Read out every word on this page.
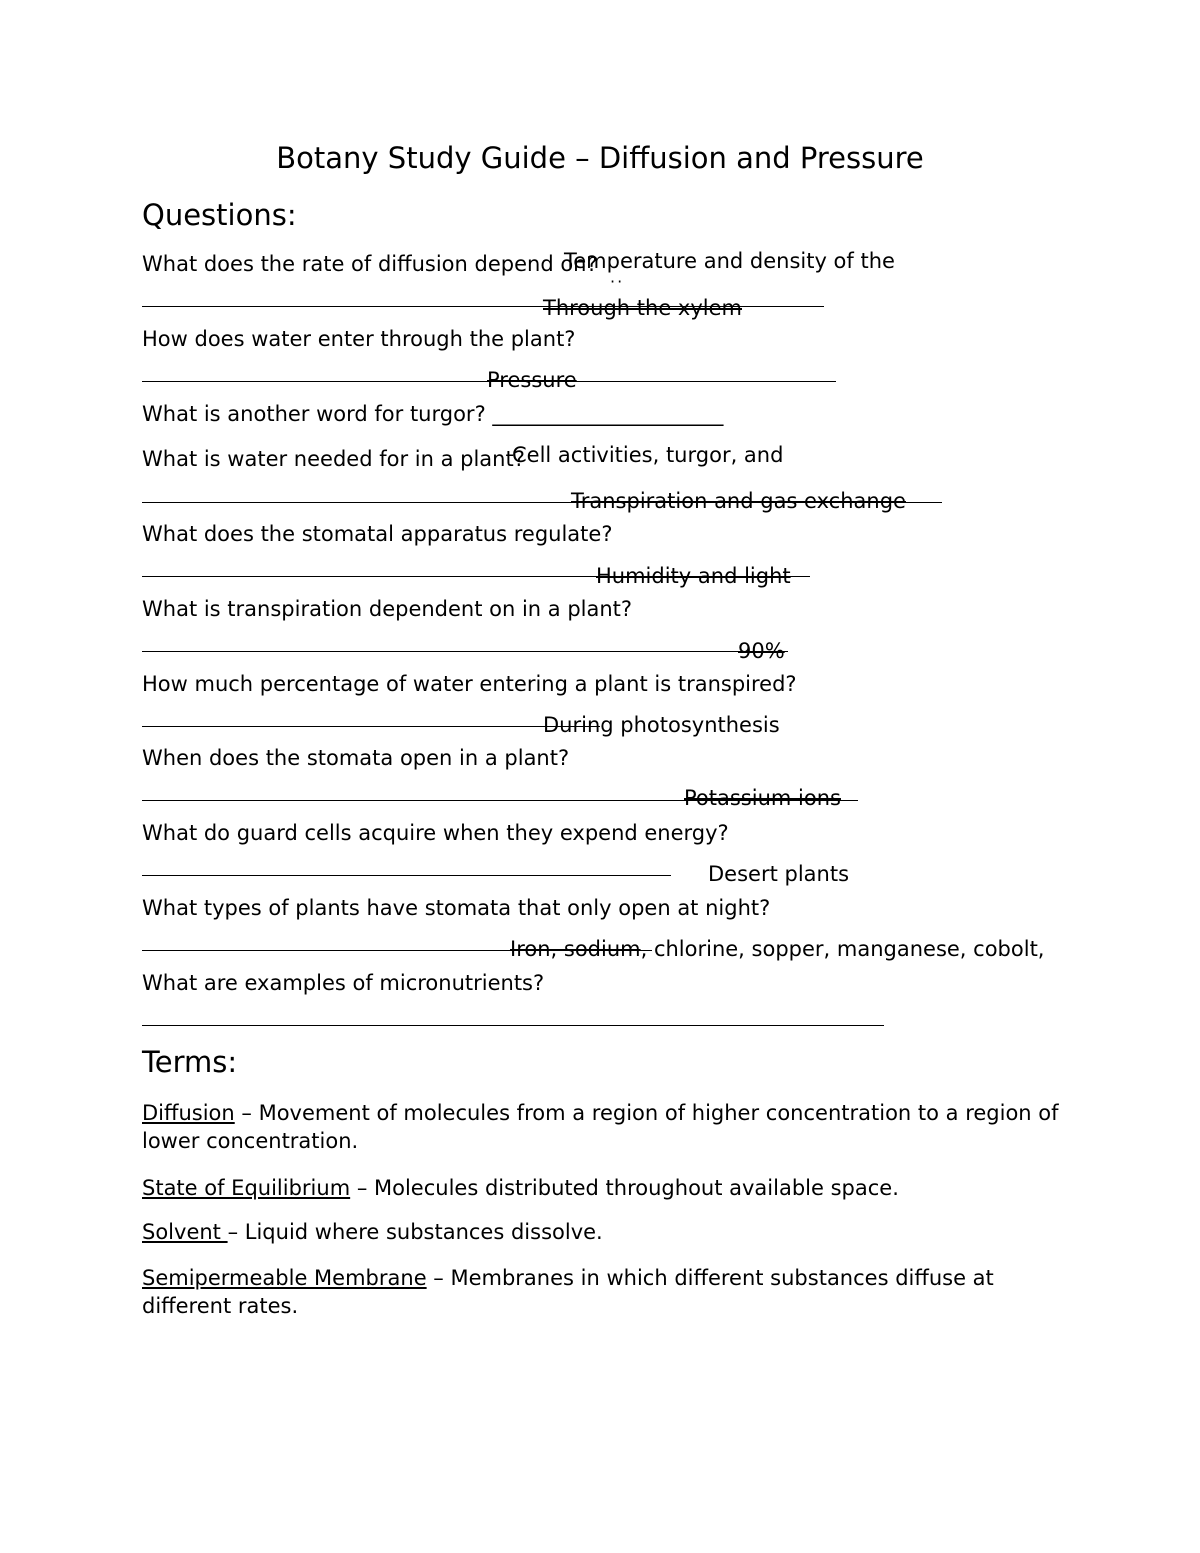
Botany Study Guide – Diffusion and Pressure
Questions:
What does the rate of diffusion depend on?
Temperature and density of the
··
Through the xylem
How does water enter through the plant?
Pressure
What is another word for turgor? ______________________
Cell activities, turgor, and
What is water needed for in a plant?
Transpiration and gas exchange
What does the stomatal apparatus regulate?
Humidity and light
What is transpiration dependent on in a plant?
90%
How much percentage of water entering a plant is transpired?
During photosynthesis
When does the stomata open in a plant?
Potassium ions
What do guard cells acquire when they expend energy?
Desert plants
What types of plants have stomata that only open at night?
Iron, sodium, chlorine, sopper, manganese, cobolt,
What are examples of micronutrients?
Terms:
Diffusion – Movement of molecules from a region of higher concentration to a region of lower concentration.
State of Equilibrium – Molecules distributed throughout available space.
Solvent – Liquid where substances dissolve.
Semipermeable Membrane – Membranes in which different substances diffuse at different rates.
